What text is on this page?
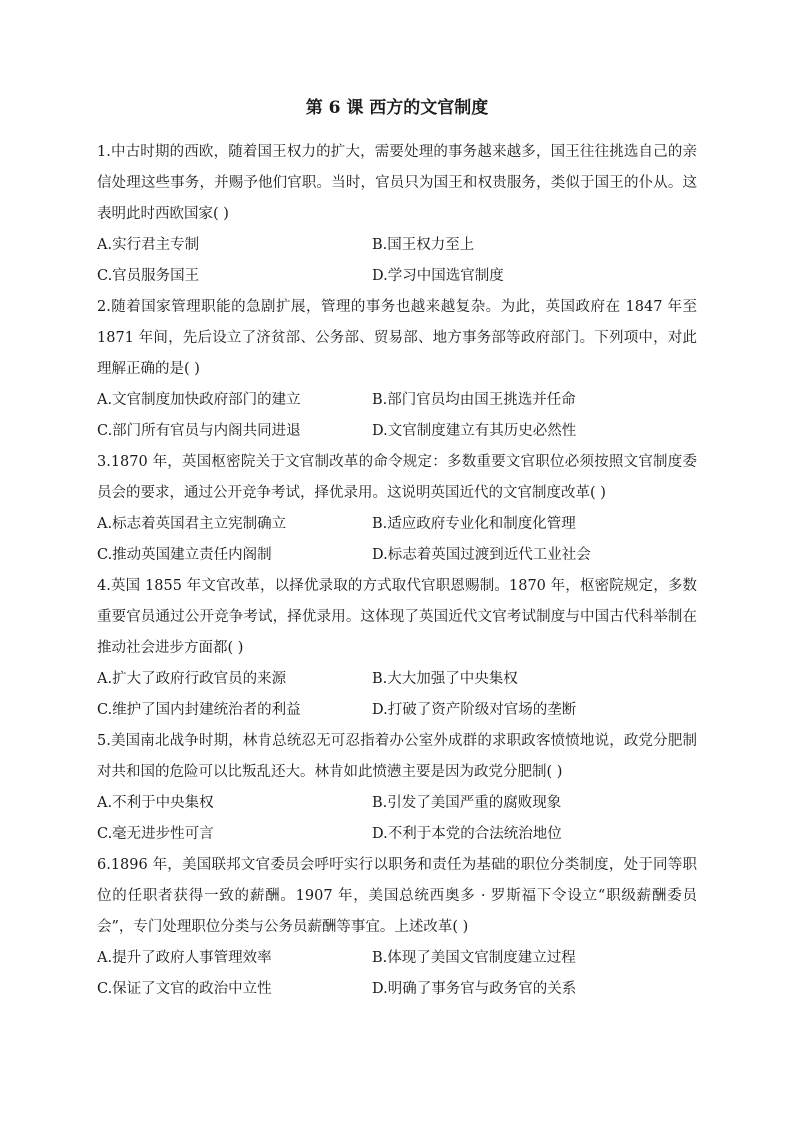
第 6 课 西方的文官制度

1.中古时期的西欧，随着国王权力的扩大，需要处理的事务越来越多，国王往往挑选自己的亲信处理这些事务，并赐予他们官职。当时，官员只为国王和权贵服务，类似于国王的仆从。这表明此时西欧国家( )

A.实行君主专制	B.国王权力至上
C.官员服务国王	D.学习中国选官制度

2.随着国家管理职能的急剧扩展，管理的事务也越来越复杂。为此，英国政府在 1847 年至 1871 年间，先后设立了济贫部、公务部、贸易部、地方事务部等政府部门。下列项中，对此理解正确的是( )

A.文官制度加快政府部门的建立	B.部门官员均由国王挑选并任命
C.部门所有官员与内阁共同进退	D.文官制度建立有其历史必然性

3.1870 年，英国枢密院关于文官制改革的命令规定：多数重要文官职位必须按照文官制度委员会的要求，通过公开竞争考试，择优录用。这说明英国近代的文官制度改革( )

A.标志着英国君主立宪制确立	B.适应政府专业化和制度化管理
C.推动英国建立责任内阁制	D.标志着英国过渡到近代工业社会

4.英国 1855 年文官改革，以择优录取的方式取代官职恩赐制。1870 年，枢密院规定，多数重要官员通过公开竞争考试，择优录用。这体现了英国近代文官考试制度与中国古代科举制在推动社会进步方面都( )

A.扩大了政府行政官员的来源	B.大大加强了中央集权
C.维护了国内封建统治者的利益	D.打破了资产阶级对官场的垄断

5.美国南北战争时期，林肯总统忍无可忍指着办公室外成群的求职政客愤愤地说，政党分肥制对共和国的危险可以比叛乱还大。林肯如此愤懑主要是因为政党分肥制( )

A.不利于中央集权	B.引发了美国严重的腐败现象
C.毫无进步性可言	D.不利于本党的合法统治地位

6.1896 年，美国联邦文官委员会呼吁实行以职务和责任为基础的职位分类制度，处于同等职位的任职者获得一致的薪酬。1907 年，美国总统西奥多 · 罗斯福下令设立“职级薪酬委员会”，专门处理职位分类与公务员薪酬等事宜。上述改革( )

A.提升了政府人事管理效率	B.体现了美国文官制度建立过程
C.保证了文官的政治中立性	D.明确了事务官与政务官的关系
